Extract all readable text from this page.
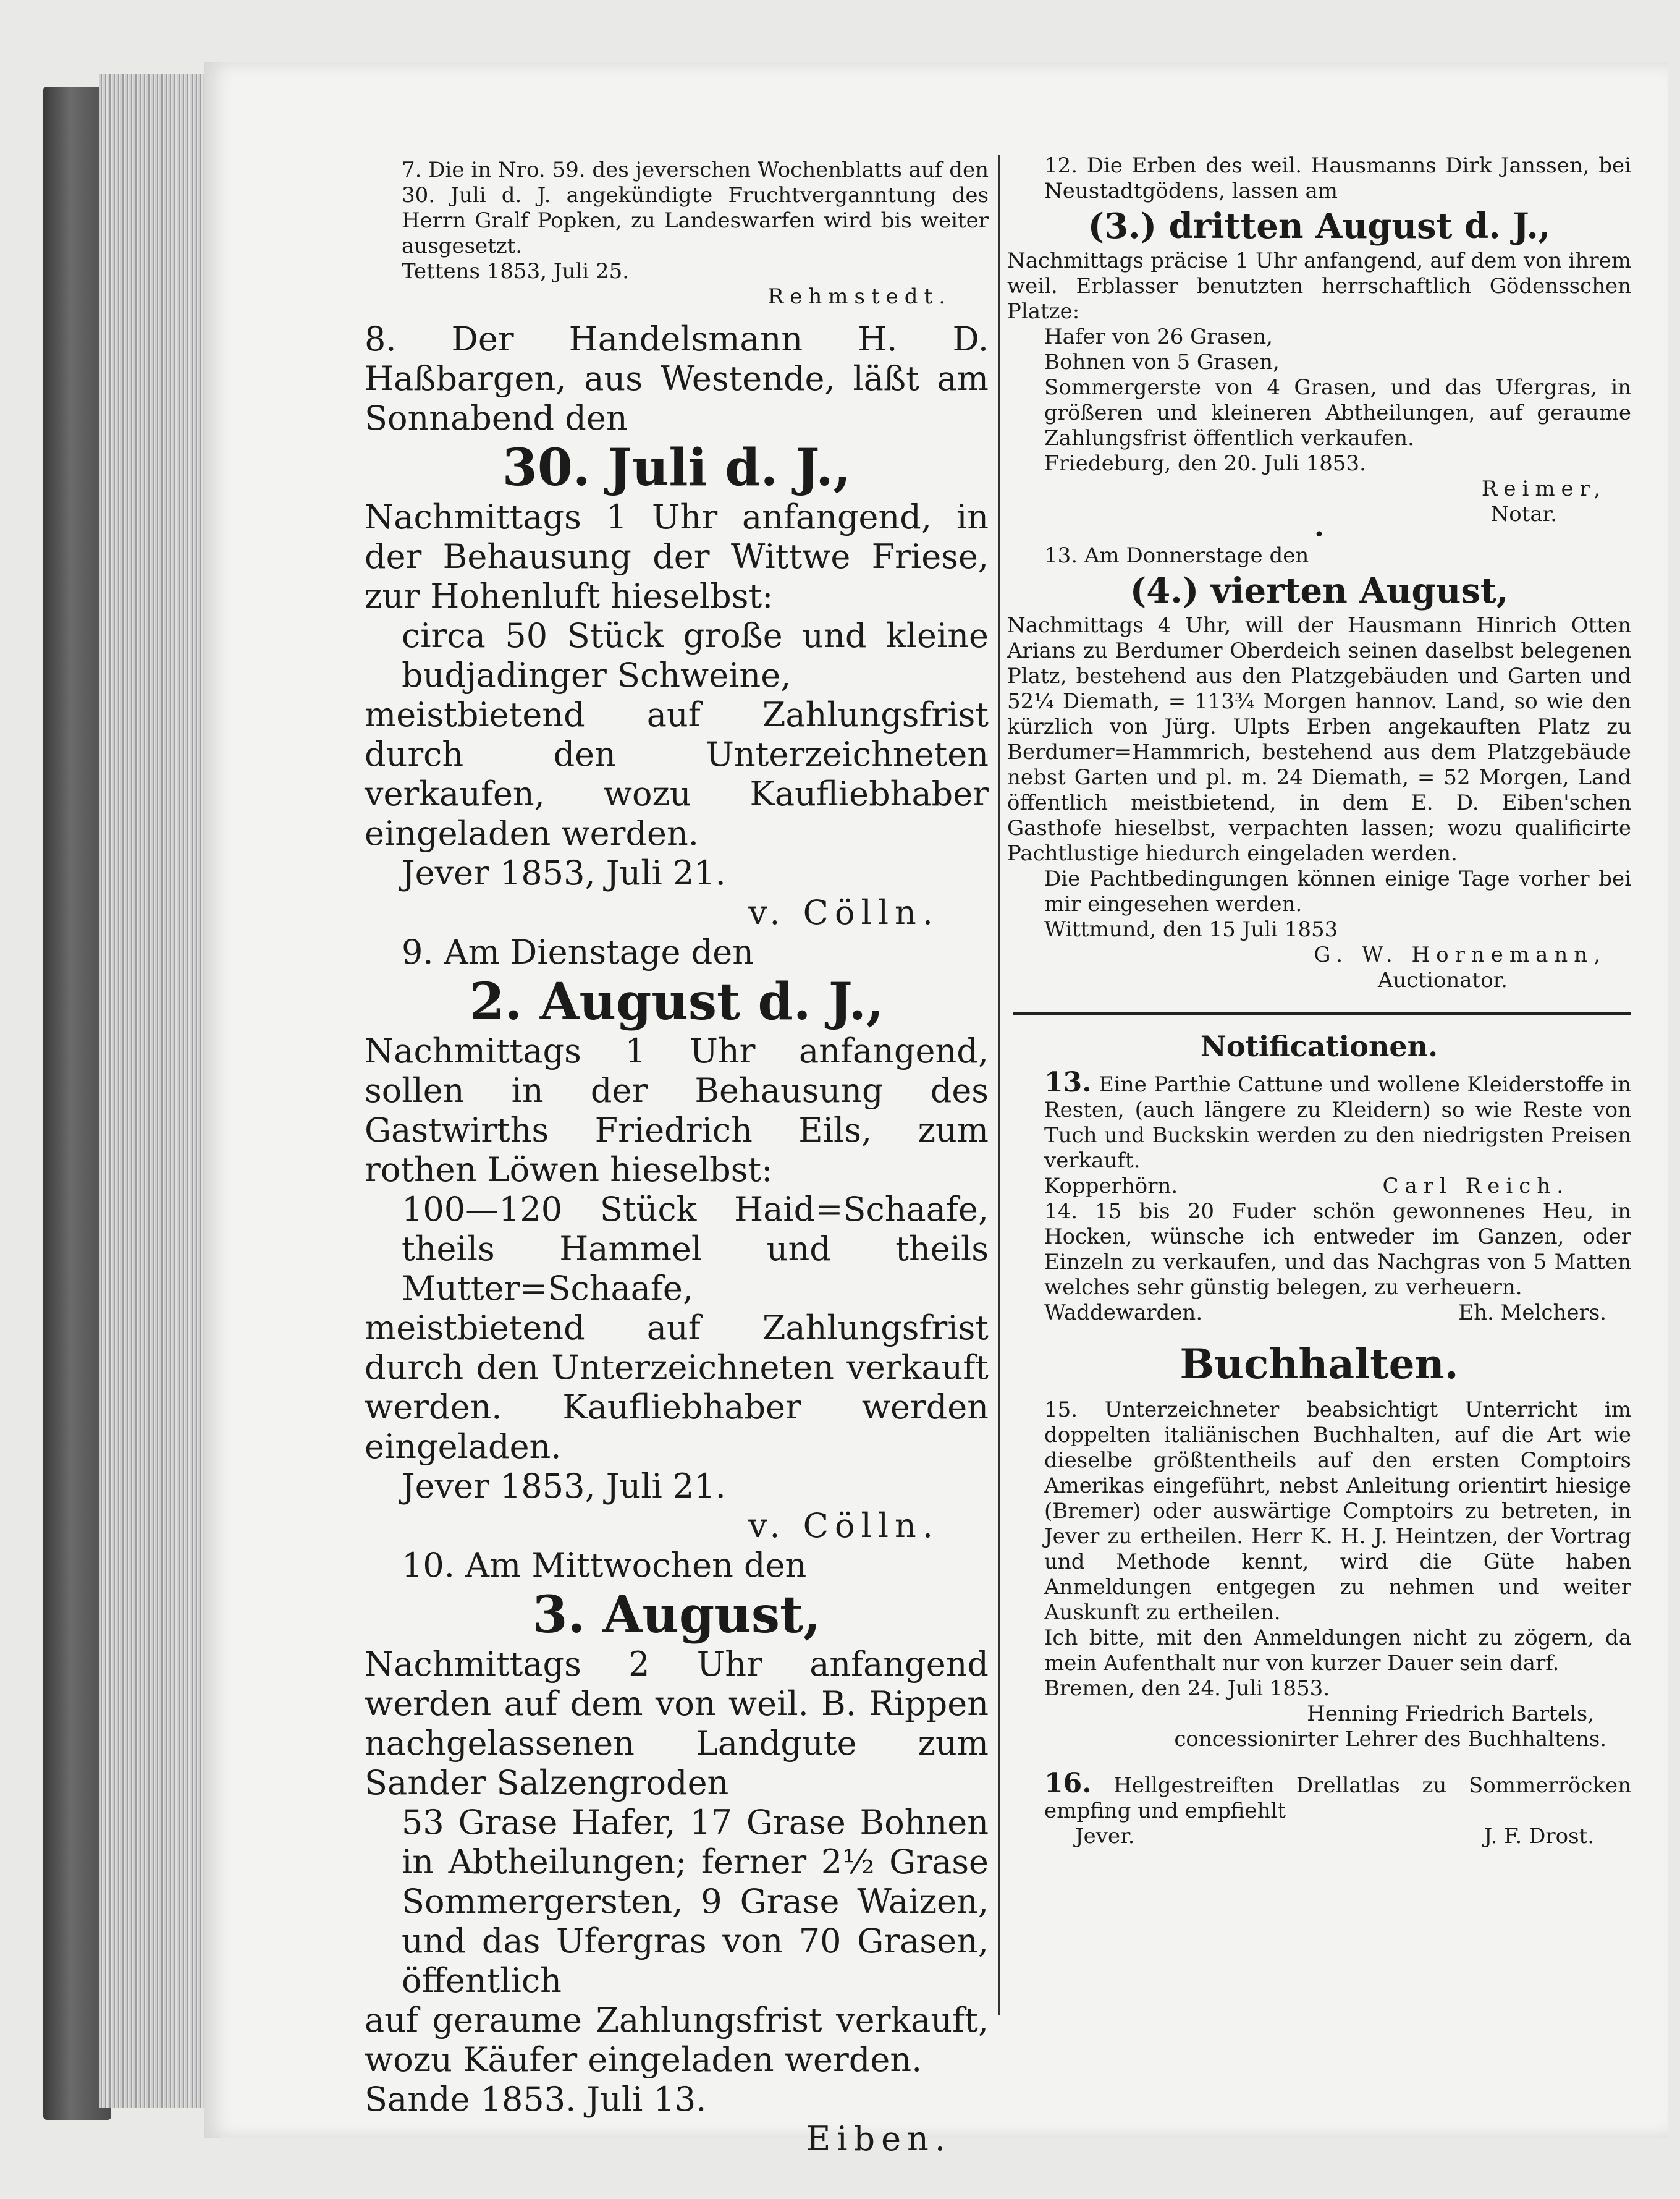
7. Die in Nro. 59. des jeverschen Wochenblatts auf den 30. Juli d. J. angekündigte Fruchtverganntung des Herrn Gralf Popken, zu Landeswarfen wird bis weiter ausgesetzt.

Tettens 1853, Juli 25.

Rehmstedt.

8. Der Handelsmann H. D. Haßbargen, aus Westende, läßt am Sonnabend den

30. Juli d. J.,

Nachmittags 1 Uhr anfangend, in der Behausung der Wittwe Friese, zur Hohenluft hieselbst:

circa 50 Stück große und kleine budjadinger Schweine,

meistbietend auf Zahlungsfrist durch den Unterzeichneten verkaufen, wozu Kaufliebhaber eingeladen werden.

Jever 1853, Juli 21.

v. Cölln.

9. Am Dienstage den

2. August d. J.,

Nachmittags 1 Uhr anfangend, sollen in der Behausung des Gastwirths Friedrich Eils, zum rothen Löwen hieselbst:

100—120 Stück Haid=Schaafe, theils Hammel und theils Mutter=Schaafe,

meistbietend auf Zahlungsfrist durch den Unterzeichneten verkauft werden. Kaufliebhaber werden eingeladen.

Jever 1853, Juli 21.

v. Cölln.

10. Am Mittwochen den

3. August,

Nachmittags 2 Uhr anfangend werden auf dem von weil. B. Rippen nachgelassenen Landgute zum Sander Salzengroden

53 Grase Hafer, 17 Grase Bohnen in Abtheilungen; ferner 2½ Grase Sommergersten, 9 Grase Waizen, und das Ufergras von 70 Grasen, öffentlich

auf geraume Zahlungsfrist verkauft, wozu Käufer eingeladen werden.

Sande 1853. Juli 13.

Eiben.

12. Die Erben des weil. Hausmanns Dirk Janssen, bei Neustadtgödens, lassen am

(3.) dritten August d. J.,

Nachmittags präcise 1 Uhr anfangend, auf dem von ihrem weil. Erblasser benutzten herrschaftlich Gödensschen Platze:

Hafer von 26 Grasen,

Bohnen von 5 Grasen,

Sommergerste von 4 Grasen, und das Ufergras, in größeren und kleineren Abtheilungen, auf geraume Zahlungsfrist öffentlich verkaufen.

Friedeburg, den 20. Juli 1853.

Reimer,

Notar.

•

13. Am Donnerstage den

(4.) vierten August,

Nachmittags 4 Uhr, will der Hausmann Hinrich Otten Arians zu Berdumer Oberdeich seinen daselbst belegenen Platz, bestehend aus den Platzgebäuden und Garten und 52¼ Diemath, = 113¾ Morgen hannov. Land, so wie den kürzlich von Jürg. Ulpts Erben angekauften Platz zu Berdumer=Hammrich, bestehend aus dem Platzgebäude nebst Garten und pl. m. 24 Diemath, = 52 Morgen, Land öffentlich meistbietend, in dem E. D. Eiben'schen Gasthofe hieselbst, verpachten lassen; wozu qualificirte Pachtlustige hiedurch eingeladen werden.

Die Pachtbedingungen können einige Tage vorher bei mir eingesehen werden.

Wittmund, den 15 Juli 1853

G. W. Hornemann,

Auctionator.

Notificationen.

13. Eine Parthie Cattune und wollene Kleiderstoffe in Resten, (auch längere zu Kleidern) so wie Reste von Tuch und Buckskin werden zu den niedrigsten Preisen verkauft.

Kopperhörn.	Carl Reich.

14. 15 bis 20 Fuder schön gewonnenes Heu, in Hocken, wünsche ich entweder im Ganzen, oder Einzeln zu verkaufen, und das Nachgras von 5 Matten welches sehr günstig belegen, zu verheuern.

Waddewarden.	Eh. Melchers.

Buchhalten.

15. Unterzeichneter beabsichtigt Unterricht im doppelten italiänischen Buchhalten, auf die Art wie dieselbe größtentheils auf den ersten Comptoirs Amerikas eingeführt, nebst Anleitung orientirt hiesige (Bremer) oder auswärtige Comptoirs zu betreten, in Jever zu ertheilen. Herr K. H. J. Heintzen, der Vortrag und Methode kennt, wird die Güte haben Anmeldungen entgegen zu nehmen und weiter Auskunft zu ertheilen.

Ich bitte, mit den Anmeldungen nicht zu zögern, da mein Aufenthalt nur von kurzer Dauer sein darf.

Bremen, den 24. Juli 1853.

Henning Friedrich Bartels,

concessionirter Lehrer des Buchhaltens.

16. Hellgestreiften Drellatlas zu Sommerröcken empfing und empfiehlt

Jever.	J. F. Drost.
